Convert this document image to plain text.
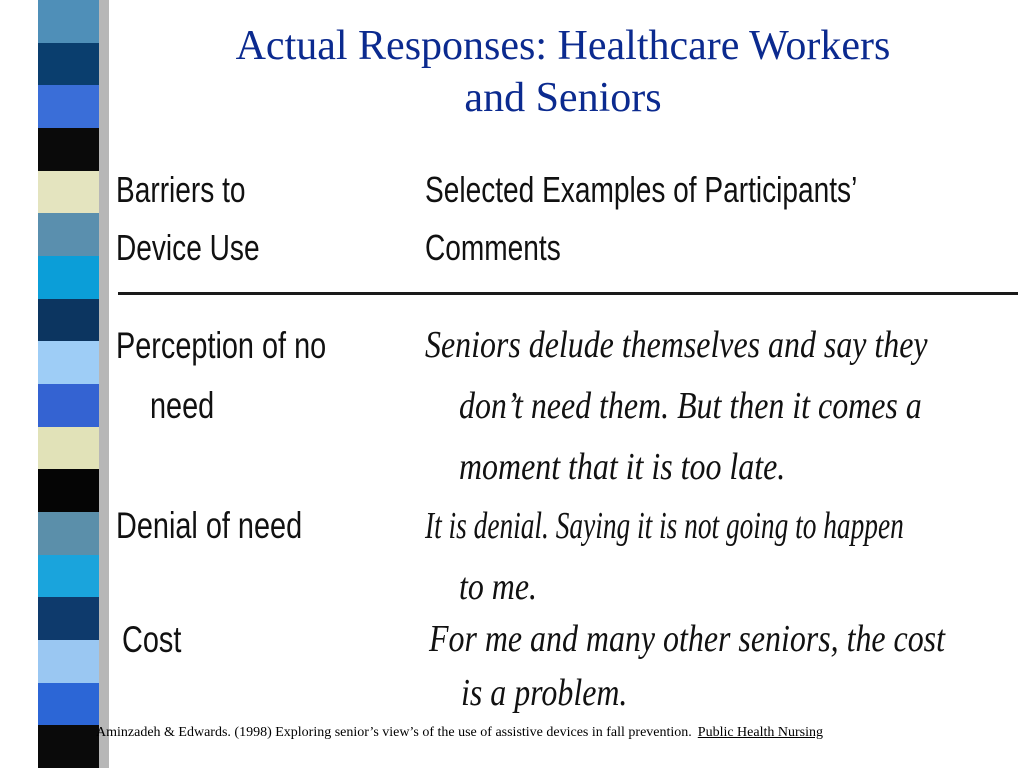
Actual Responses: Healthcare Workers
and Seniors
Barriers to
Device Use
Selected Examples of Participants’
Comments
Perception of no
need
Seniors delude themselves and say they
don’t need them. But then it comes a
moment that it is too late.
Denial of need	It is denial. Saying it is not going to happen
to me.
Cost	For me and many other seniors, the cost
is a problem.
Aminzadeh & Edwards. (1998) Exploring senior’s view’s of the use of assistive devices in fall prevention. Public Health Nursing
